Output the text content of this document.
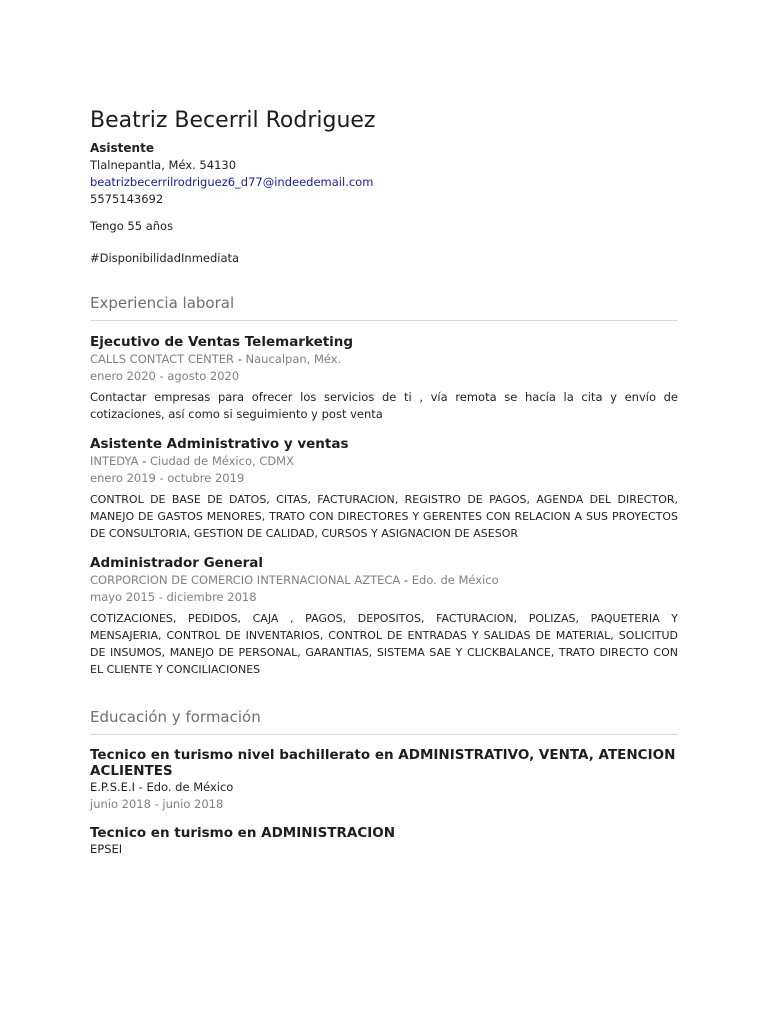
Beatriz Becerril Rodriguez
Asistente
Tlalnepantla, Méx. 54130
beatrizbecerrilrodriguez6_d77@indeedemail.com
5575143692
Tengo 55 años
#DisponibilidadInmediata
Experiencia laboral
Ejecutivo de Ventas Telemarketing
CALLS CONTACT CENTER - Naucalpan, Méx.
enero 2020 - agosto 2020
Contactar empresas para ofrecer los servicios de ti , vía remota se hacía la cita y envío de cotizaciones, así como si seguimiento y post venta
Asistente Administrativo y ventas
INTEDYA - Ciudad de México, CDMX
enero 2019 - octubre 2019
CONTROL DE BASE DE DATOS, CITAS, FACTURACION, REGISTRO DE PAGOS, AGENDA DEL DIRECTOR, MANEJO DE GASTOS MENORES, TRATO CON DIRECTORES Y GERENTES CON RELACION A SUS PROYECTOS DE CONSULTORIA, GESTION DE CALIDAD, CURSOS Y ASIGNACION DE ASESOR
Administrador General
CORPORCION DE COMERCIO INTERNACIONAL AZTECA - Edo. de México
mayo 2015 - diciembre 2018
COTIZACIONES, PEDIDOS, CAJA , PAGOS, DEPOSITOS, FACTURACION, POLIZAS, PAQUETERIA Y MENSAJERIA, CONTROL DE INVENTARIOS, CONTROL DE ENTRADAS Y SALIDAS DE MATERIAL, SOLICITUD DE INSUMOS, MANEJO DE PERSONAL, GARANTIAS, SISTEMA SAE Y CLICKBALANCE, TRATO DIRECTO CON EL CLIENTE Y CONCILIACIONES
Educación y formación
Tecnico en turismo nivel bachillerato en ADMINISTRATIVO, VENTA, ATENCION ACLIENTES
E.P.S.E.I - Edo. de México
junio 2018 - junio 2018
Tecnico en turismo en ADMINISTRACION
EPSEI
